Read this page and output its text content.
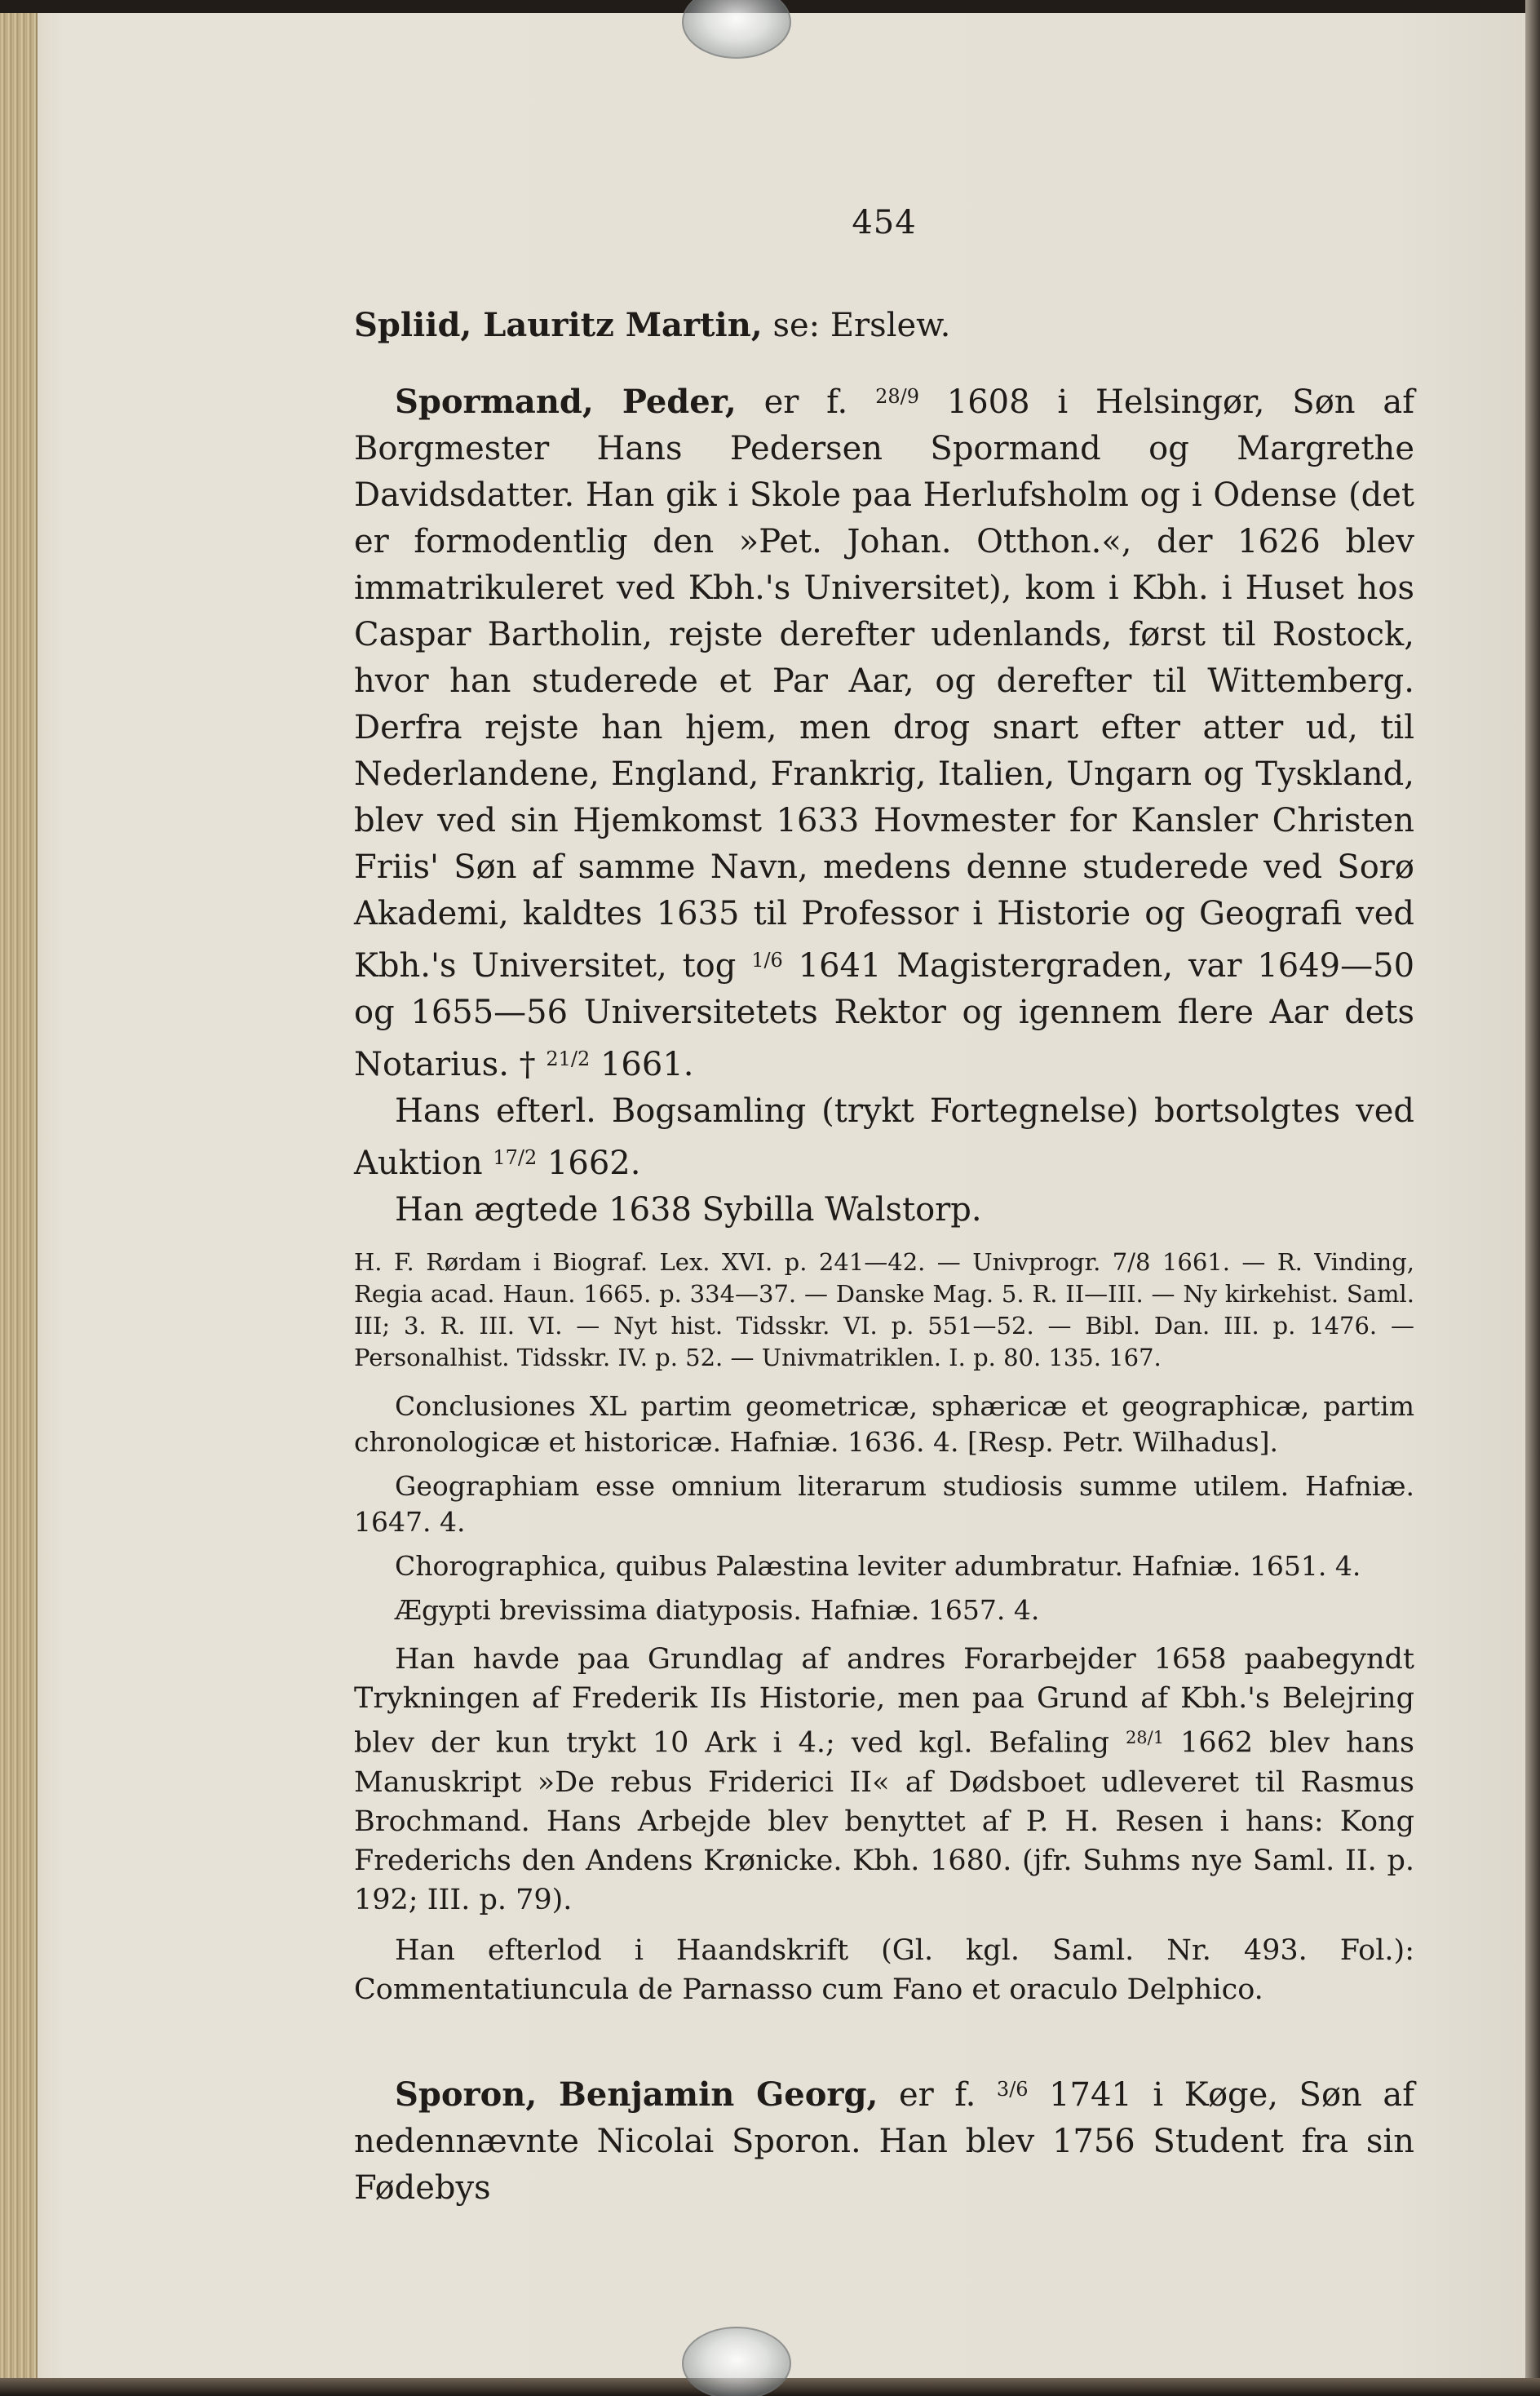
454

Spliid, Lauritz Martin, se: Erslew.

Spormand, Peder, er f. $^{28/9}$ 1608 i Helsingør, Søn af Borgmester Hans Pedersen Spormand og Margrethe Davidsdatter. Han gik i Skole paa Herlufsholm og i Odense (det er formodentlig den »Pet. Johan. Otthon.«, der 1626 blev immatrikuleret ved Kbh.'s Universitet), kom i Kbh. i Huset hos Caspar Bartholin, rejste derefter udenlands, først til Rostock, hvor han studerede et Par Aar, og derefter til Wittemberg. Derfra rejste han hjem, men drog snart efter atter ud, til Nederlandene, England, Frankrig, Italien, Ungarn og Tyskland, blev ved sin Hjemkomst 1633 Hovmester for Kansler Christen Friis' Søn af samme Navn, medens denne studerede ved Sorø Akademi, kaldtes 1635 til Professor i Historie og Geografi ved Kbh.'s Universitet, tog $^{1/6}$ 1641 Magistergraden, var 1649—50 og 1655—56 Universitetets Rektor og igennem flere Aar dets Notarius. † $^{21/2}$ 1661.

Hans efterl. Bogsamling (trykt Fortegnelse) bortsolgtes ved Auktion $^{17/2}$ 1662.

Han ægtede 1638 Sybilla Walstorp.

H. F. Rørdam i Biograf. Lex. XVI. p. 241—42. — Univprogr. 7/8 1661. — R. Vinding, Regia acad. Haun. 1665. p. 334—37. — Danske Mag. 5. R. II—III. — Ny kirkehist. Saml. III; 3. R. III. VI. — Nyt hist. Tidsskr. VI. p. 551—52. — Bibl. Dan. III. p. 1476. — Personalhist. Tidsskr. IV. p. 52. — Univmatriklen. I. p. 80. 135. 167.

Conclusiones XL partim geometricæ, sphæricæ et geographicæ, partim chronologicæ et historicæ. Hafniæ. 1636. 4. [Resp. Petr. Wilhadus].

Geographiam esse omnium literarum studiosis summe utilem. Hafniæ. 1647. 4.

Chorographica, quibus Palæstina leviter adumbratur. Hafniæ. 1651. 4.

Ægypti brevissima diatyposis. Hafniæ. 1657. 4.

Han havde paa Grundlag af andres Forarbejder 1658 paabegyndt Trykningen af Frederik IIs Historie, men paa Grund af Kbh.'s Belejring blev der kun trykt 10 Ark i 4.; ved kgl. Befaling $^{28/1}$ 1662 blev hans Manuskript »De rebus Friderici II« af Dødsboet udleveret til Rasmus Brochmand. Hans Arbejde blev benyttet af P. H. Resen i hans: Kong Frederichs den Andens Krønicke. Kbh. 1680. (jfr. Suhms nye Saml. II. p. 192; III. p. 79).

Han efterlod i Haandskrift (Gl. kgl. Saml. Nr. 493. Fol.): Commentatiuncula de Parnasso cum Fano et oraculo Delphico.

Sporon, Benjamin Georg, er f. $^{3/6}$ 1741 i Køge, Søn af nedennævnte Nicolai Sporon. Han blev 1756 Student fra sin Fødebys
